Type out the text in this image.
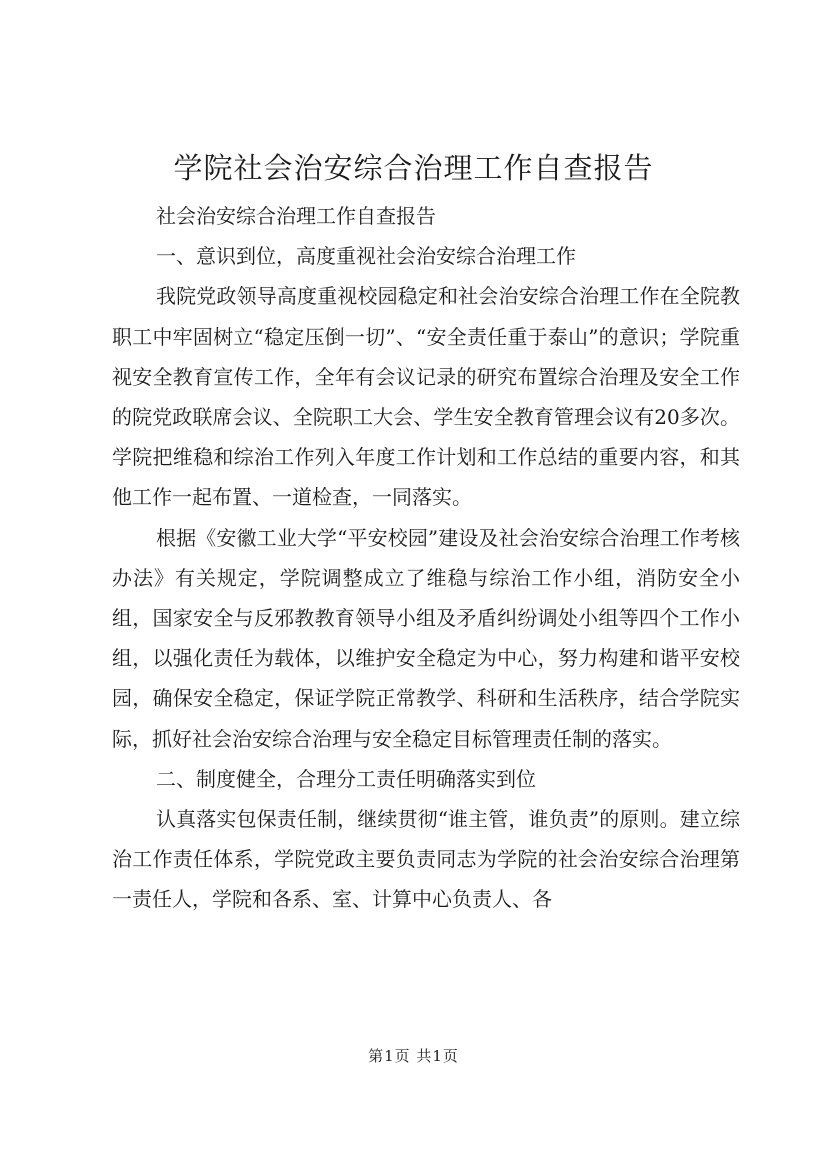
学院社会治安综合治理工作自查报告

社会治安综合治理工作自查报告

一、意识到位，高度重视社会治安综合治理工作

我院党政领导高度重视校园稳定和社会治安综合治理工作在全院教职工中牢固树立“稳定压倒一切”、“安全责任重于泰山”的意识；学院重视安全教育宣传工作，全年有会议记录的研究布置综合治理及安全工作的院党政联席会议、全院职工大会、学生安全教育管理会议有20多次。学院把维稳和综治工作列入年度工作计划和工作总结的重要内容，和其他工作一起布置、一道检查，一同落实。

根据《安徽工业大学“平安校园”建设及社会治安综合治理工作考核办法》有关规定，学院调整成立了维稳与综治工作小组，消防安全小组，国家安全与反邪教教育领导小组及矛盾纠纷调处小组等四个工作小组，以强化责任为载体，以维护安全稳定为中心，努力构建和谐平安校园，确保安全稳定，保证学院正常教学、科研和生活秩序，结合学院实际，抓好社会治安综合治理与安全稳定目标管理责任制的落实。

二、制度健全，合理分工责任明确落实到位

认真落实包保责任制，继续贯彻“谁主管，谁负责”的原则。建立综治工作责任体系，学院党政主要负责同志为学院的社会治安综合治理第一责任人，学院和各系、室、计算中心负责人、各

第1页 共1页
